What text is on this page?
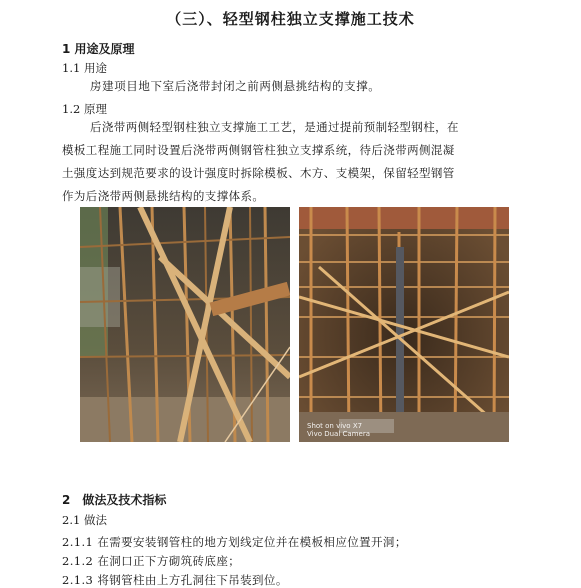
（三）、轻型钢柱独立支撑施工技术
1 用途及原理
1.1 用途
房建项目地下室后浇带封闭之前两侧悬挑结构的支撑。
1.2 原理
后浇带两侧轻型钢柱独立支撑施工工艺，是通过提前预制轻型钢柱，在
模板工程施工同时设置后浇带两侧钢管柱独立支撑系统，待后浇带两侧混凝
土强度达到规范要求的设计强度时拆除模板、木方、支模架，保留轻型钢管
作为后浇带两侧悬挑结构的支撑体系。
Shot on vivo X7
Vivo Dual Camera
2　做法及技术指标
2.1 做法
2.1.1 在需要安装钢管柱的地方划线定位并在模板相应位置开洞；
2.1.2 在洞口正下方砌筑砖底座；
2.1.3 将钢管柱由上方孔洞往下吊装到位。
